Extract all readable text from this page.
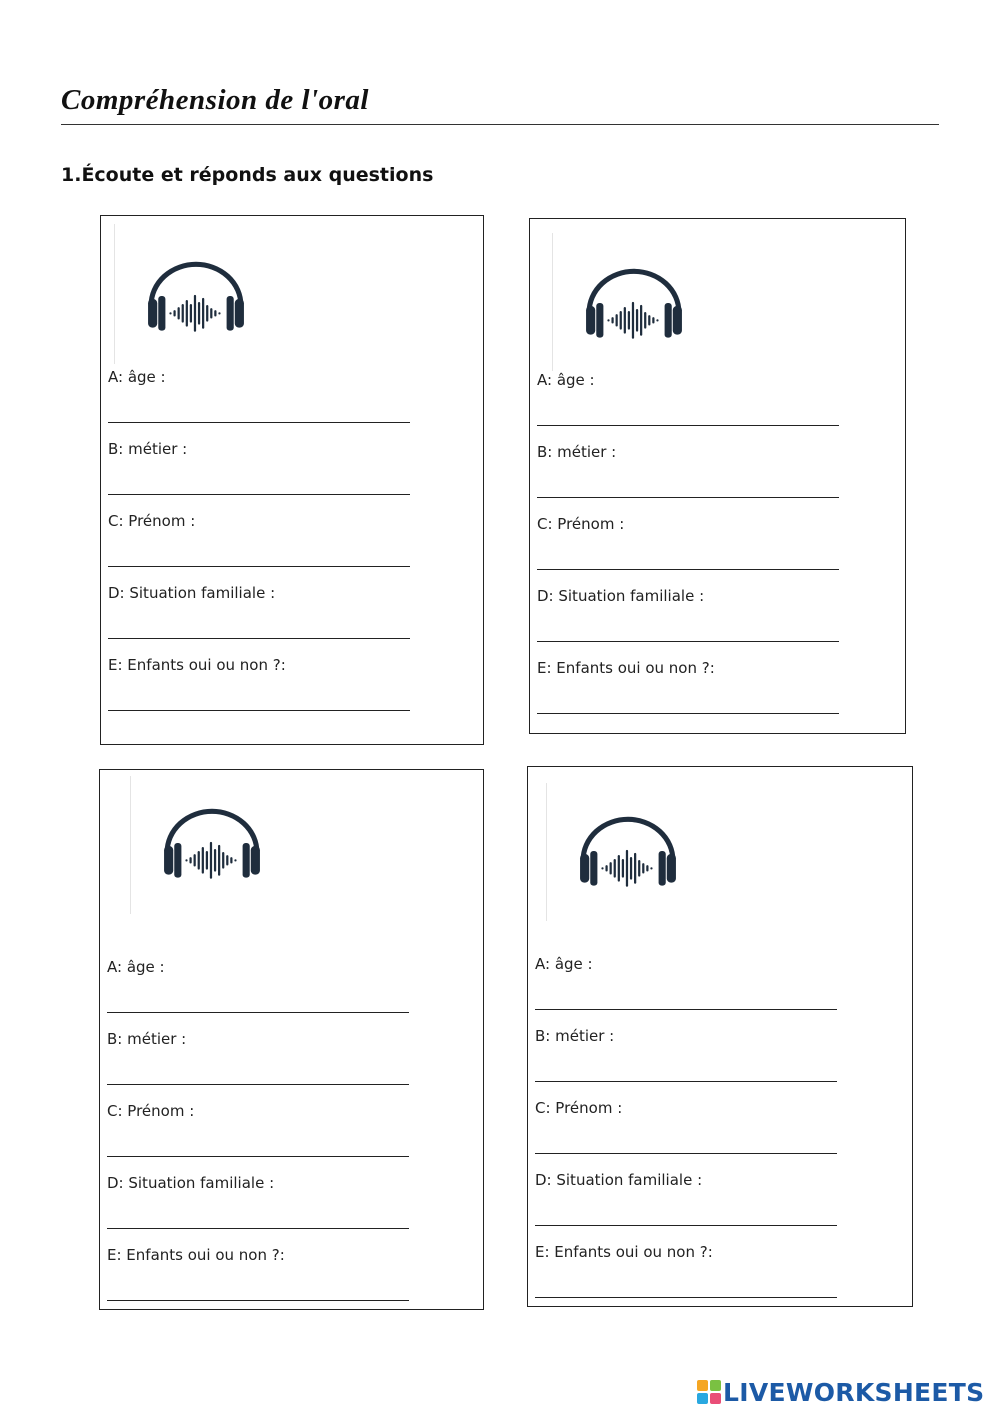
Compréhension de l'oral
1.Écoute et réponds aux questions
A: âge :
B: métier :
C: Prénom :
D: Situation familiale :
E: Enfants oui ou non ?:
A: âge :
B: métier :
C: Prénom :
D: Situation familiale :
E: Enfants oui ou non ?:
A: âge :
B: métier :
C: Prénom :
D: Situation familiale :
E: Enfants oui ou non ?:
A: âge :
B: métier :
C: Prénom :
D: Situation familiale :
E: Enfants oui ou non ?:
LIVEWORKSHEETS
